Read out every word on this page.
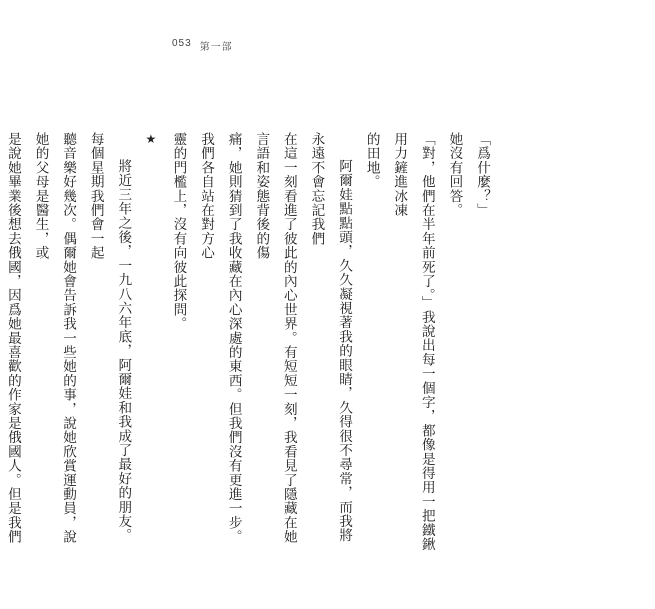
053 第一部

「爲什麼？」

她沒有回答。

「對，他們在半年前死了。」我說出每一個字，都像是得用一把鐵鍬用力鏟進冰凍

的田地。

阿爾娃點點頭，久久凝視著我的眼睛，久得很不尋常，而我將永遠不會忘記我們

在這一刻看進了彼此的內心世界。有短短一刻，我看見了隱藏在她言語和姿態背後的傷

痛，她則猜到了我收藏在內心深處的東西。但我們沒有更進一步。我們各自站在對方心

靈的門檻上，沒有向彼此探問。

★

將近三年之後，一九八六年底，阿爾娃和我成了最好的朋友。每個星期我們會一起

聽音樂好幾次。偶爾她會告訴我一些她的事，說她欣賞運動員，說她的父母是醫生，或

是說她畢業後想去俄國，因爲她最喜歡的作家是俄國人。但是我們
